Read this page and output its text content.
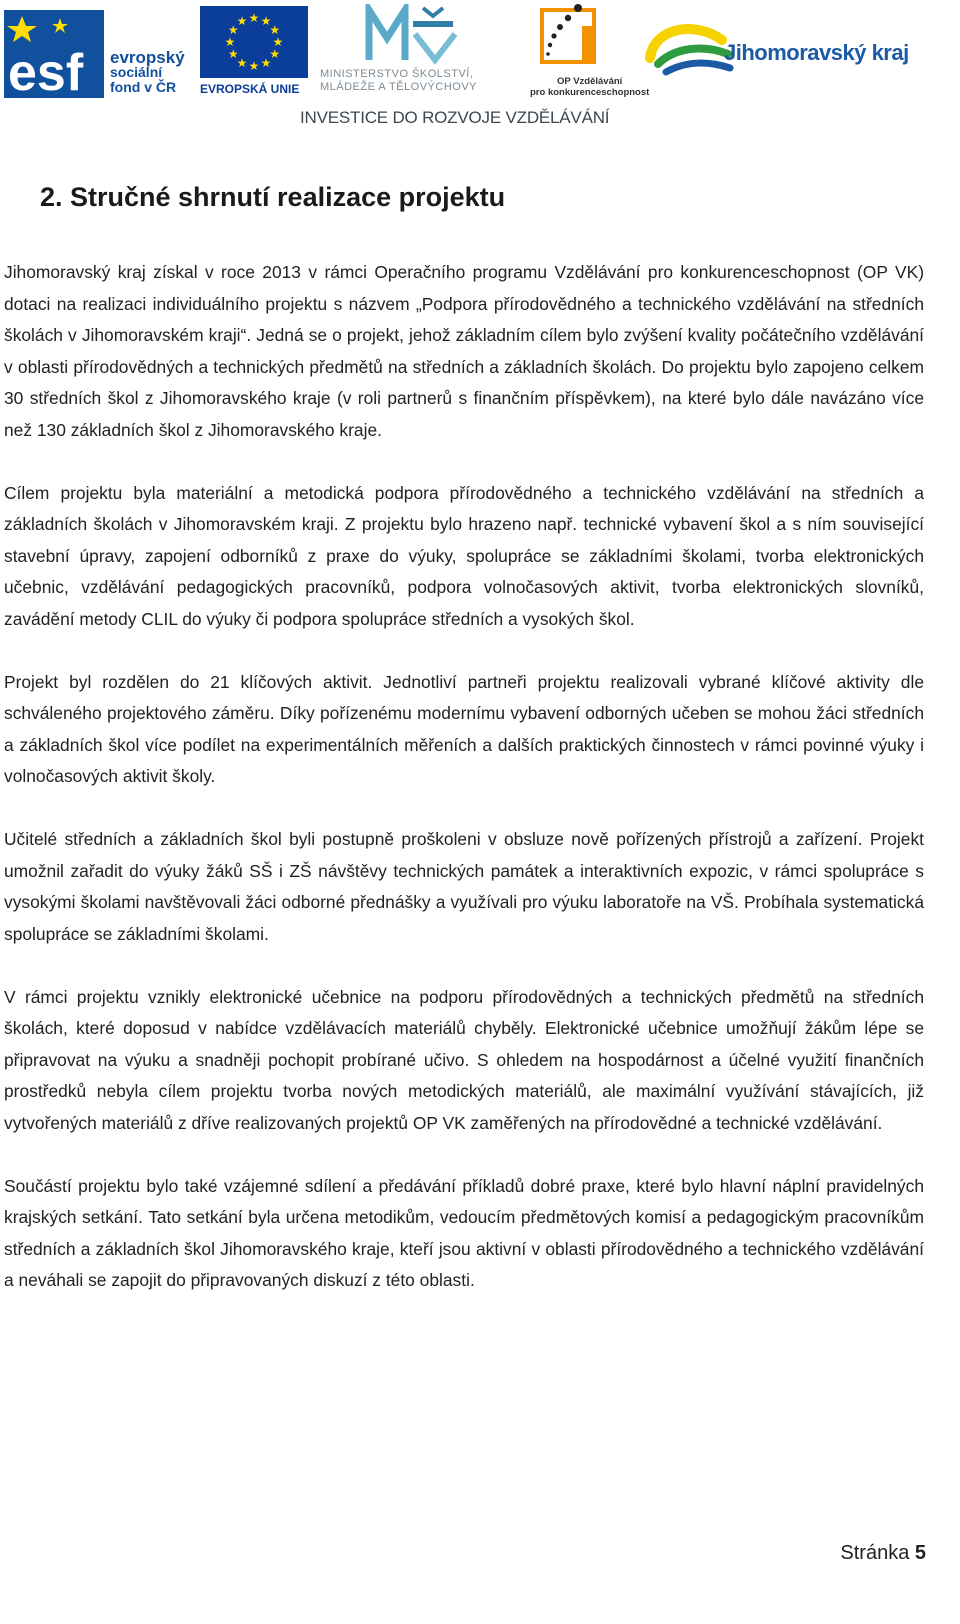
esf evropský
sociální
fond v ČR
★ ★
★
★
★
★
★
★
★
★
★
★
EVROPSKÁ UNIE
MINISTERSTVO ŠKOLSTVÍ,
MLÁDEŽE A TĚLOVÝCHOVY	OP Vzdělávání
pro konkurenceschopnost
Jihomoravský kraj
INVESTICE DO ROZVOJE VZDĚLÁVÁNÍ
2. Stručné shrnutí realizace projektu

Jihomoravský kraj získal v roce 2013 v rámci Operačního programu Vzdělávání pro konkurenceschopnost (OP VK) dotaci na realizaci individuálního projektu s názvem „Podpora přírodovědného a technického vzdělávání na středních školách v Jihomoravském kraji“. Jedná se o projekt, jehož základním cílem bylo zvýšení kvality počátečního vzdělávání v oblasti přírodovědných a technických předmětů na středních a základních školách. Do projektu bylo zapojeno celkem 30 středních škol z Jihomoravského kraje (v roli partnerů s finančním příspěvkem), na které bylo dále navázáno více než 130 základních škol z Jihomoravského kraje.

Cílem projektu byla materiální a metodická podpora přírodovědného a technického vzdělávání na středních a základních školách v Jihomoravském kraji. Z projektu bylo hrazeno např. technické vybavení škol a s ním související stavební úpravy, zapojení odborníků z praxe do výuky, spolupráce se základními školami, tvorba elektronických učebnic, vzdělávání pedagogických pracovníků, podpora volnočasových aktivit, tvorba elektronických slovníků, zavádění metody CLIL do výuky či podpora spolupráce středních a vysokých škol.

Projekt byl rozdělen do 21 klíčových aktivit. Jednotliví partneři projektu realizovali vybrané klíčové aktivity dle schváleného projektového záměru. Díky pořízenému modernímu vybavení odborných učeben se mohou žáci středních a základních škol více podílet na experimentálních měřeních a dalších praktických činnostech v rámci povinné výuky i volnočasových aktivit školy.

Učitelé středních a základních škol byli postupně proškoleni v obsluze nově pořízených přístrojů a zařízení. Projekt umožnil zařadit do výuky žáků SŠ i ZŠ návštěvy technických památek a interaktivních expozic, v rámci spolupráce s vysokými školami navštěvovali žáci odborné přednášky a využívali pro výuku laboratoře na VŠ. Probíhala systematická spolupráce se základními školami.

V rámci projektu vznikly elektronické učebnice na podporu přírodovědných a technických předmětů na středních školách, které doposud v nabídce vzdělávacích materiálů chyběly. Elektronické učebnice umožňují žákům lépe se připravovat na výuku a snadněji pochopit probírané učivo. S ohledem na hospodárnost a účelné využití finančních prostředků nebyla cílem projektu tvorba nových metodických materiálů, ale maximální využívání stávajících, již vytvořených materiálů z dříve realizovaných projektů OP VK zaměřených na přírodovědné a technické vzdělávání.

Součástí projektu bylo také vzájemné sdílení a předávání příkladů dobré praxe, které bylo hlavní náplní pravidelných krajských setkání. Tato setkání byla určena metodikům, vedoucím předmětových komisí a pedagogickým pracovníkům středních a základních škol Jihomoravského kraje, kteří jsou aktivní v oblasti přírodovědného a technického vzdělávání a neváhali se zapojit do připravovaných diskuzí z této oblasti.

Stránka 5
